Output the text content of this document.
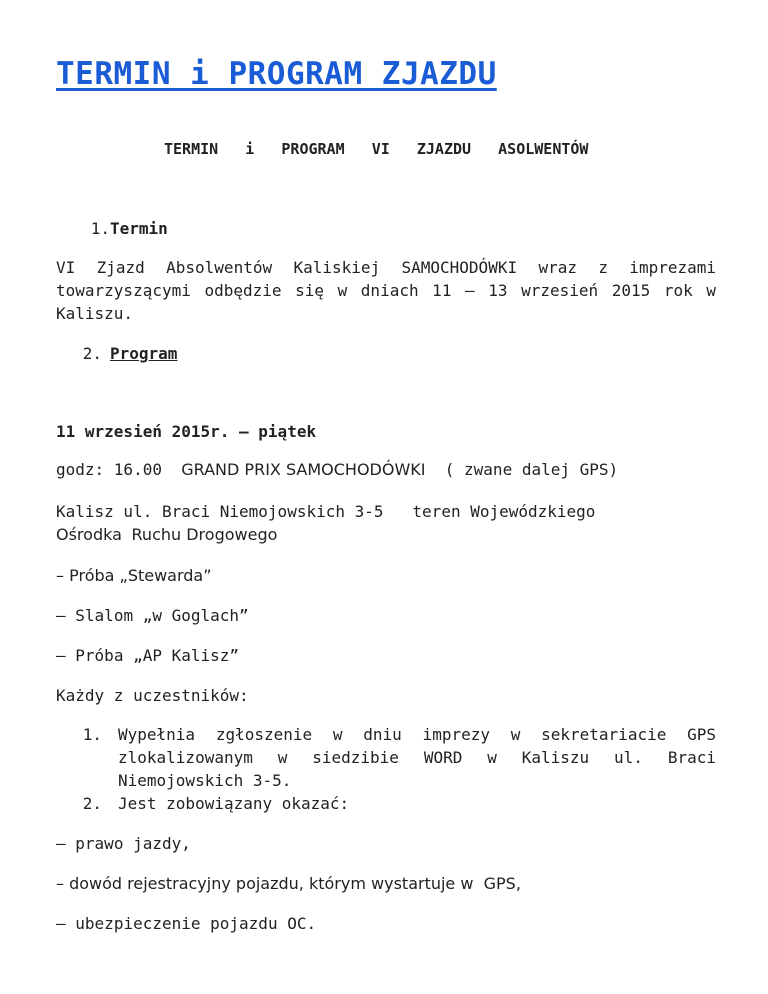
TERMIN i PROGRAM ZJAZDU
TERMIN   i   PROGRAM   VI   ZJAZDU   ASOLWENTÓW
1.Termin
VI Zjazd Absolwentów Kaliskiej SAMOCHODÓWKI wraz z imprezami towarzyszącymi odbędzie się w dniach 11 – 13 wrzesień 2015 rok w Kaliszu.
2. Program
11 wrzesień 2015r. – piątek
godz: 16.00 GRAND PRIX SAMOCHODÓWKI ( zwane dalej GPS)
Kalisz ul. Braci Niemojowskich 3-5   teren Wojewódzkiego
Ośrodka Ruchu Drogowego
– Próba „Stewarda”
– Slalom „w Goglach”
– Próba „AP Kalisz”
Każdy z uczestników:
1.	Wypełnia zgłoszenie w dniu imprezy w sekretariacie GPS zlokalizowanym w siedzibie WORD w Kaliszu ul. Braci Niemojowskich 3-5.
2.	Jest zobowiązany okazać:
– prawo jazdy,
– dowód rejestracyjny pojazdu, którym wystartuje w  GPS,
– ubezpieczenie pojazdu OC.
